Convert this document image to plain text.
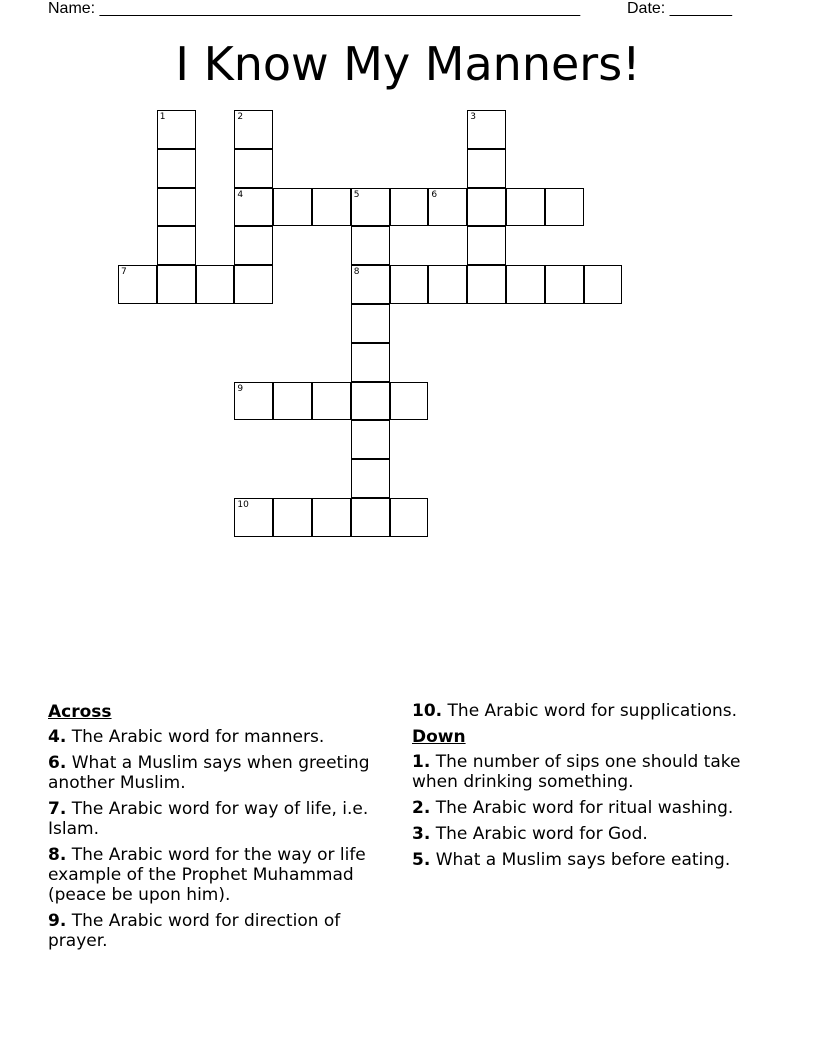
Name: ______________________________________________________	Date: _______
I Know My Manners!
1	2	3
4	5	6
7	8
9
10
Across
4. The Arabic word for manners.
6. What a Muslim says when greeting another Muslim.
7. The Arabic word for way of life, i.e. Islam.
8. The Arabic word for the way or life example of the Prophet Muhammad (peace be upon him).
9. The Arabic word for direction of prayer.
10. The Arabic word for supplications.
Down
1. The number of sips one should take when drinking something.
2. The Arabic word for ritual washing.
3. The Arabic word for God.
5. What a Muslim says before eating.
